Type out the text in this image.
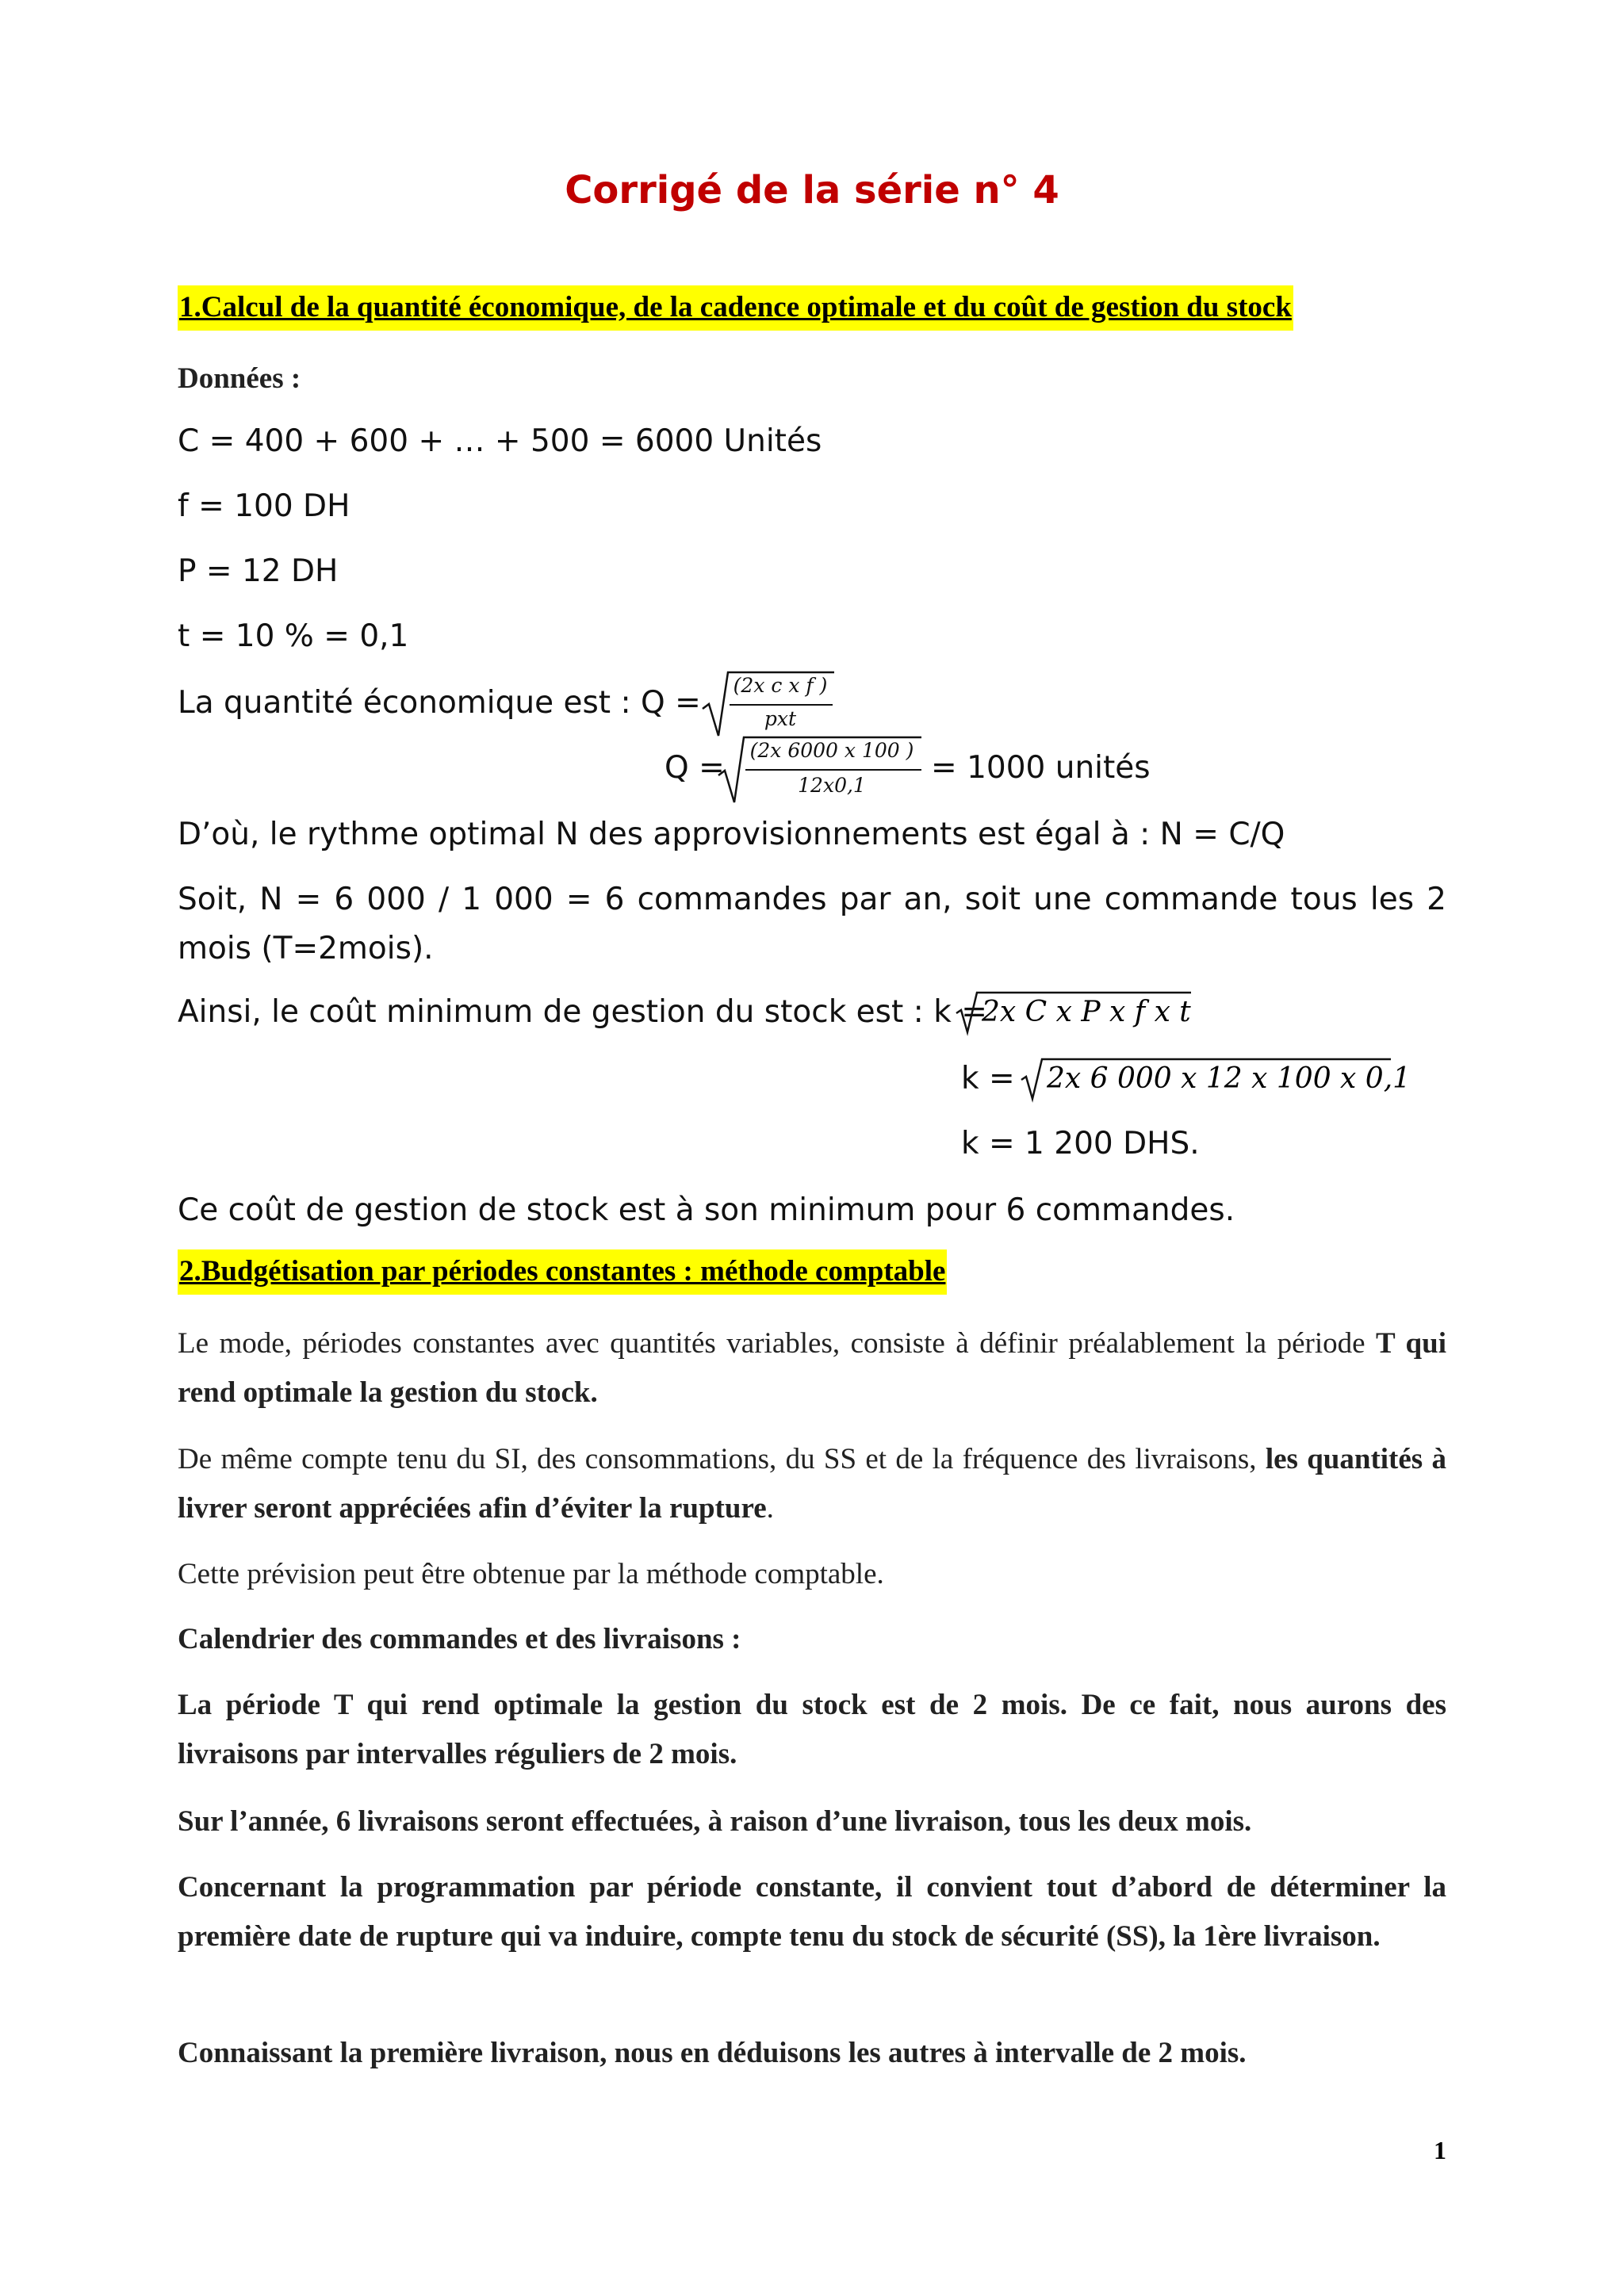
Corrigé de la série n° 4
1.Calcul de la quantité économique, de la cadence optimale et du coût de gestion du stock
Données :
C = 400 + 600 + … + 500 = 6000 Unités
f = 100 DH
P = 12 DH
t = 10 % = 0,1
La quantité économique est : Q =	(2x c x f )
pxt
Q =	(2x 6000 x 100 )
12x0,1	= 1000 unités
D’où, le rythme optimal N des approvisionnements est égal à : N = C/Q
Soit, N = 6 000 / 1 000 = 6 commandes par an, soit une commande tous les 2 mois (T=2mois).
Ainsi, le coût minimum de gestion du stock est : k =
2x C x P x f x t
k = 2x 6 000 x 12 x 100 x 0,1
k = 1 200 DHS.
Ce coût de gestion de stock est à son minimum pour 6 commandes.
2.Budgétisation par périodes constantes : méthode comptable
Le mode, périodes constantes avec quantités variables, consiste à définir préalablement la période T qui rend optimale la gestion du stock.
De même compte tenu du SI, des consommations, du SS et de la fréquence des livraisons, les quantités à livrer seront appréciées afin d’éviter la rupture.
Cette prévision peut être obtenue par la méthode comptable.
Calendrier des commandes et des livraisons :
La période T qui rend optimale la gestion du stock est de 2 mois. De ce fait, nous aurons des livraisons par intervalles réguliers de 2 mois.
Sur l’année, 6 livraisons seront effectuées, à raison d’une livraison, tous les deux mois.
Concernant la programmation par période constante, il convient tout d’abord de déterminer la première date de rupture qui va induire, compte tenu du stock de sécurité (SS), la 1ère livraison.
Connaissant la première livraison, nous en déduisons les autres à intervalle de 2 mois.
1
